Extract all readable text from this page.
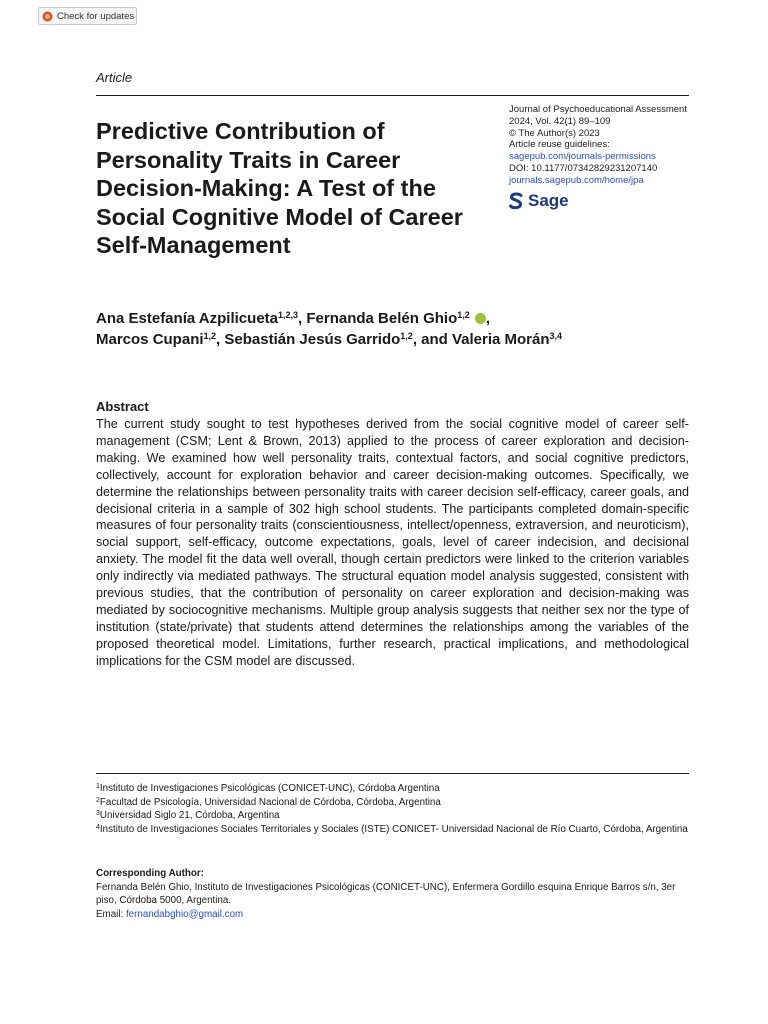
Check for updates
Article
Predictive Contribution of Personality Traits in Career Decision-Making: A Test of the Social Cognitive Model of Career Self-Management
Journal of Psychoeducational Assessment
2024, Vol. 42(1) 89–109
© The Author(s) 2023
Article reuse guidelines:
sagepub.com/journals-permissions
DOI: 10.1177/07342829231207140
journals.sagepub.com/home/jpa
Sage
Ana Estefanía Azpilicueta$^{1,2,3}$, Fernanda Belén Ghio$^{1,2}$ ,
Marcos Cupani$^{1,2}$, Sebastián Jesús Garrido$^{1,2}$, and Valeria Morán$^{3,4}$
Abstract

The current study sought to test hypotheses derived from the social cognitive model of career self-management (CSM; Lent & Brown, 2013) applied to the process of career exploration and decision-making. We examined how well personality traits, contextual factors, and social cognitive predictors, collectively, account for exploration behavior and career decision-making outcomes. Specifically, we determine the relationships between personality traits with career decision self-efficacy, career goals, and decisional criteria in a sample of 302 high school students. The participants completed domain-specific measures of four personality traits (conscientiousness, intellect/openness, extraversion, and neuroticism), social support, self-efficacy, outcome expectations, goals, level of career indecision, and decisional anxiety. The model fit the data well overall, though certain predictors were linked to the criterion variables only indirectly via mediated pathways. The structural equation model analysis suggested, consistent with previous studies, that the contribution of personality on career exploration and decision-making was mediated by sociocognitive mechanisms. Multiple group analysis suggests that neither sex nor the type of institution (state/private) that students attend determines the relationships among the variables of the proposed theoretical model. Limitations, further research, practical implications, and methodological implications for the CSM model are discussed.

$^1$Instituto de Investigaciones Psicológicas (CONICET-UNC), Córdoba Argentina
$^2$Facultad de Psicología, Universidad Nacional de Córdoba, Córdoba, Argentina
$^3$Universidad Siglo 21, Córdoba, Argentina
$^4$Instituto de Investigaciones Sociales Territoriales y Sociales (ISTE) CONICET- Universidad Nacional de Río Cuarto, Córdoba, Argentina
Corresponding Author:
Fernanda Belén Ghio, Instituto de Investigaciones Psicológicas (CONICET-UNC), Enfermera Gordillo esquina Enrique Barros s/n, 3er piso, Córdoba 5000, Argentina.
Email: fernandabghio@gmail.com
